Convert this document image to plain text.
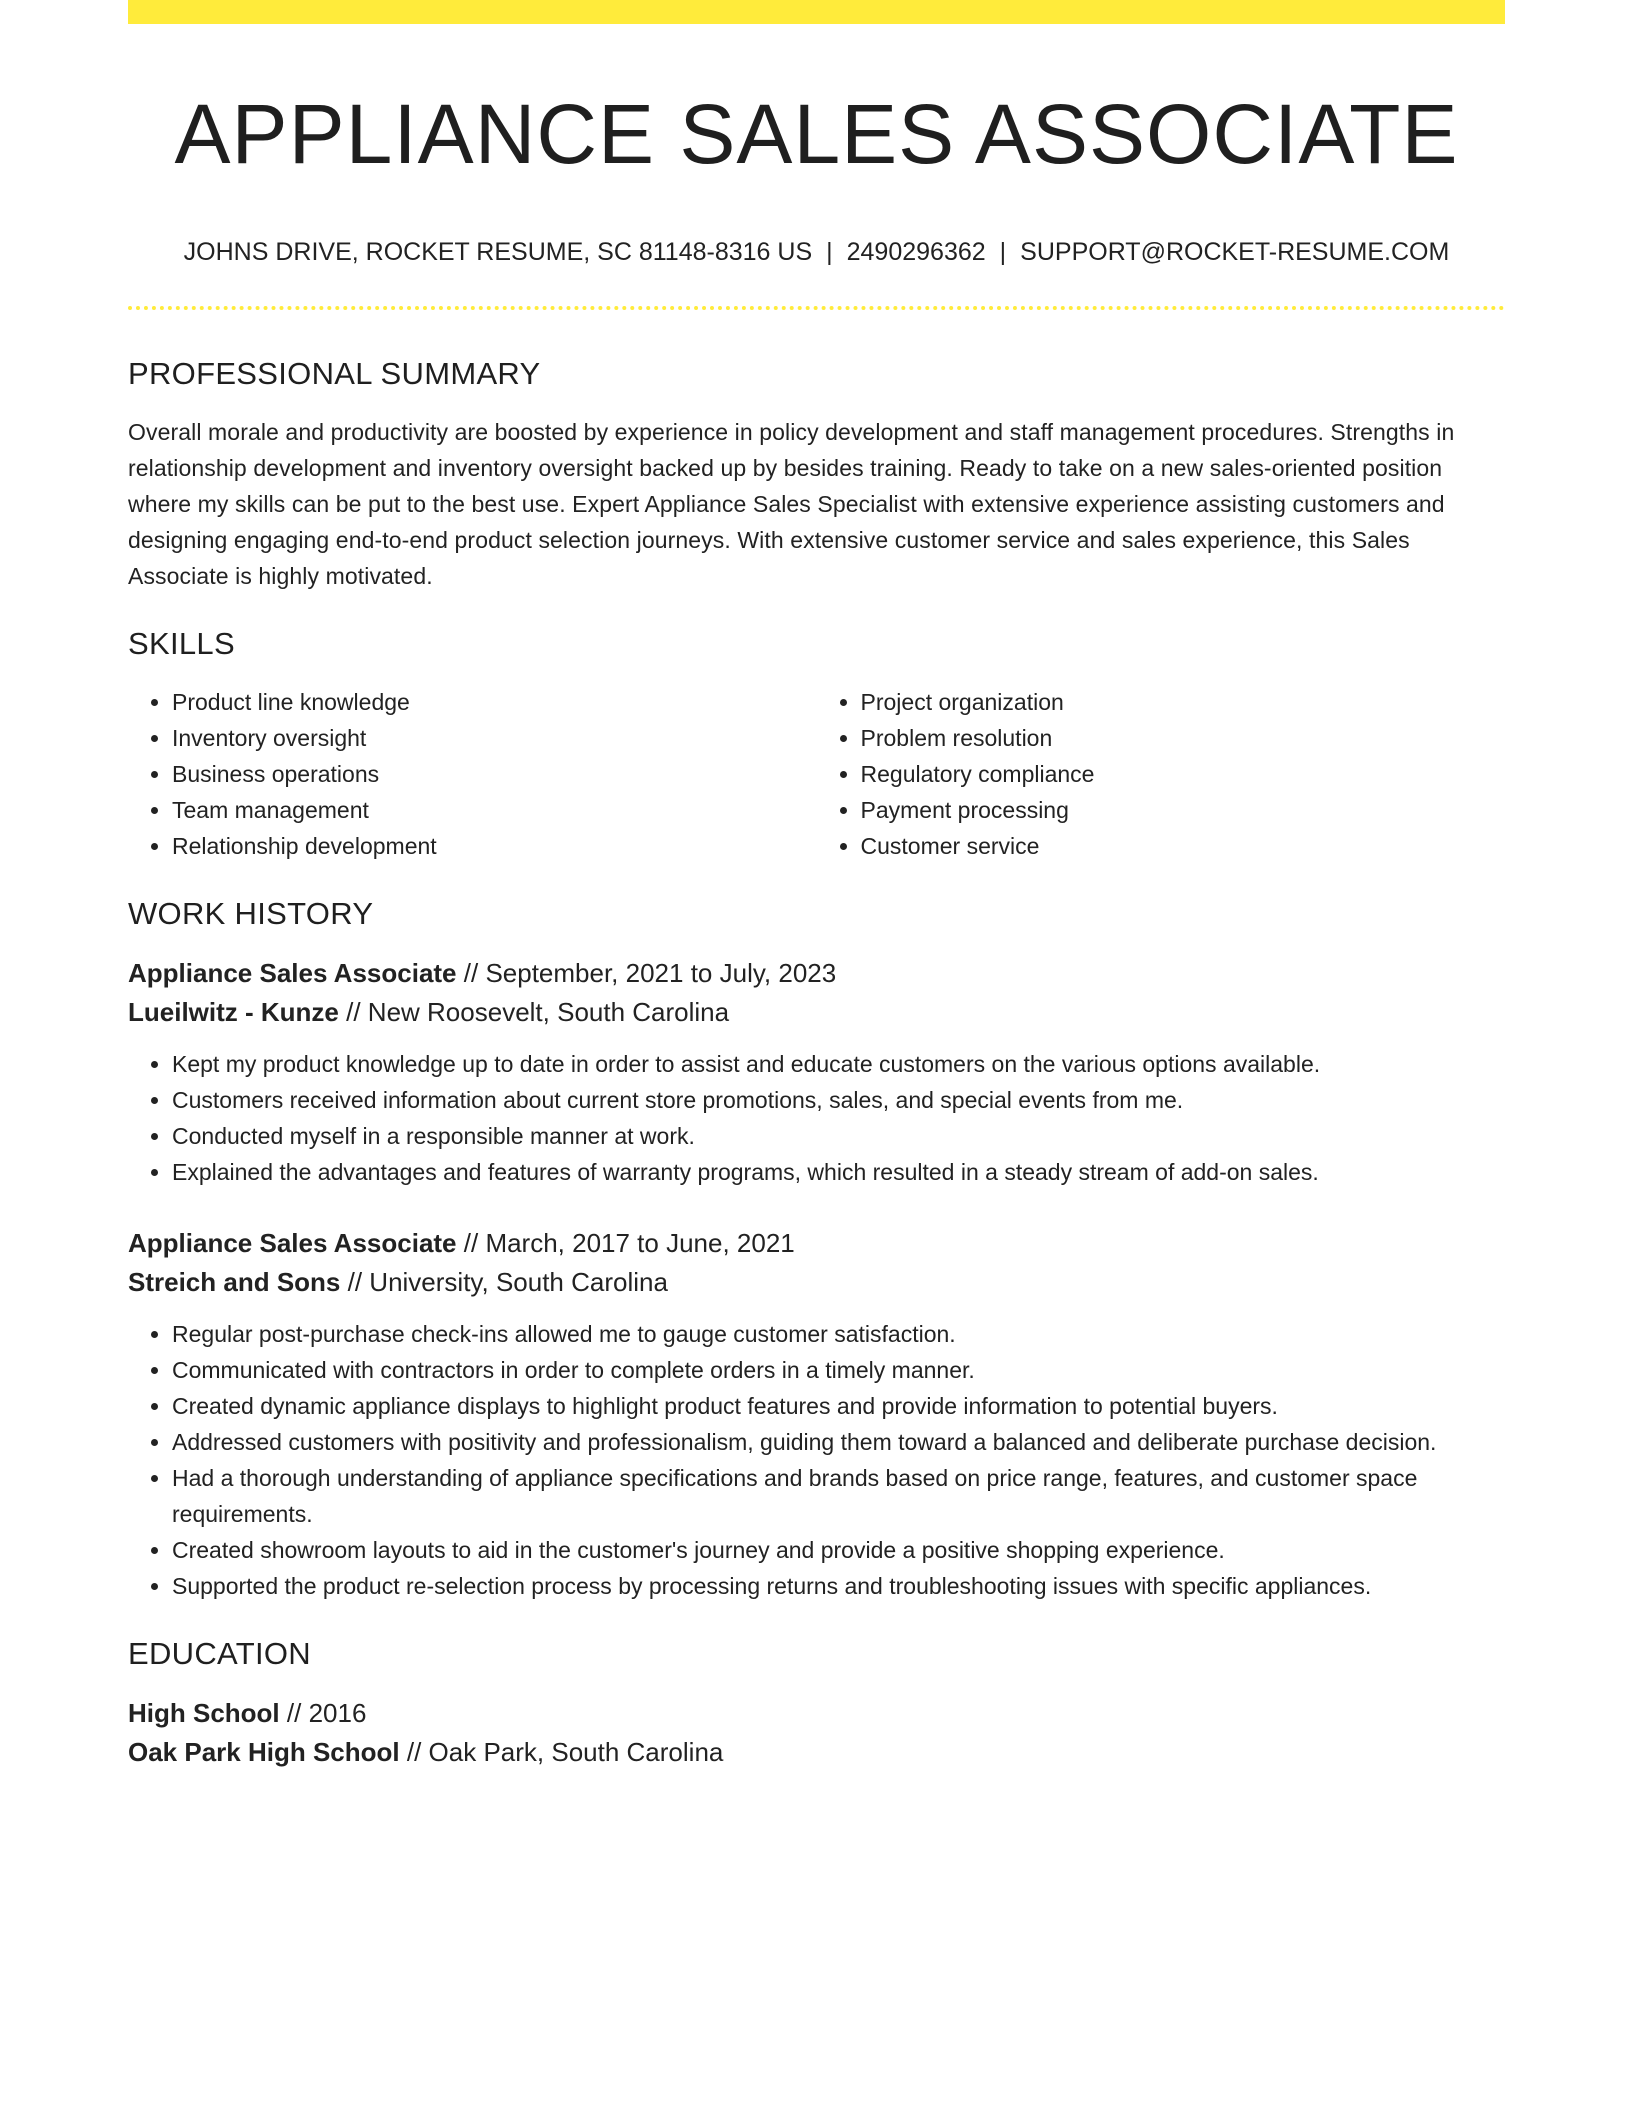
APPLIANCE SALES ASSOCIATE
JOHNS DRIVE, ROCKET RESUME, SC 81148-8316 US | 2490296362 | SUPPORT@ROCKET-RESUME.COM
PROFESSIONAL SUMMARY

Overall morale and productivity are boosted by experience in policy development and staff management procedures. Strengths in relationship development and inventory oversight backed up by besides training. Ready to take on a new sales-oriented position where my skills can be put to the best use. Expert Appliance Sales Specialist with extensive experience assisting customers and designing engaging end-to-end product selection journeys. With extensive customer service and sales experience, this Sales Associate is highly motivated.

SKILLS
• Product line knowledge
• Inventory oversight
• Business operations
• Team management
• Relationship development
• Project organization
• Problem resolution
• Regulatory compliance
• Payment processing
• Customer service
WORK HISTORY

Appliance Sales Associate // September, 2021 to July, 2023

Lueilwitz - Kunze // New Roosevelt, South Carolina

• Kept my product knowledge up to date in order to assist and educate customers on the various options available.
• Customers received information about current store promotions, sales, and special events from me.
• Conducted myself in a responsible manner at work.
• Explained the advantages and features of warranty programs, which resulted in a steady stream of add-on sales.

Appliance Sales Associate // March, 2017 to June, 2021

Streich and Sons // University, South Carolina

• Regular post-purchase check-ins allowed me to gauge customer satisfaction.
• Communicated with contractors in order to complete orders in a timely manner.
• Created dynamic appliance displays to highlight product features and provide information to potential buyers.
• Addressed customers with positivity and professionalism, guiding them toward a balanced and deliberate purchase decision.
• Had a thorough understanding of appliance specifications and brands based on price range, features, and customer space requirements.
• Created showroom layouts to aid in the customer's journey and provide a positive shopping experience.
• Supported the product re-selection process by processing returns and troubleshooting issues with specific appliances.
EDUCATION

High School // 2016

Oak Park High School // Oak Park, South Carolina
